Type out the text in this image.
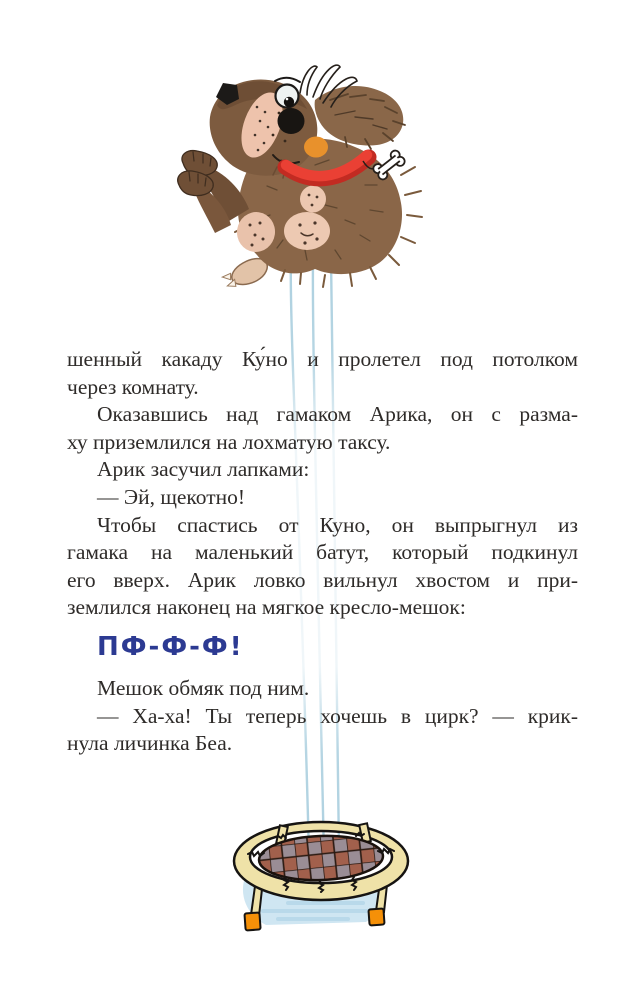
шенный какаду Ку́но и пролетел под потолком
через комнату.
Оказавшись над гамаком Арика, он с разма-
ху приземлился на лохматую таксу.
Арик засучил лапками:
— Эй, щекотно!
Чтобы спастись от Куно, он выпрыгнул из
гамака на маленький батут, который подкинул
его вверх. Арик ловко вильнул хвостом и при-
землился наконец на мягкое кресло-мешок:
ПФ-Ф-Ф!
Мешок обмяк под ним.
— Ха-ха! Ты теперь хочешь в цирк? — крик-
нула личинка Беа.
